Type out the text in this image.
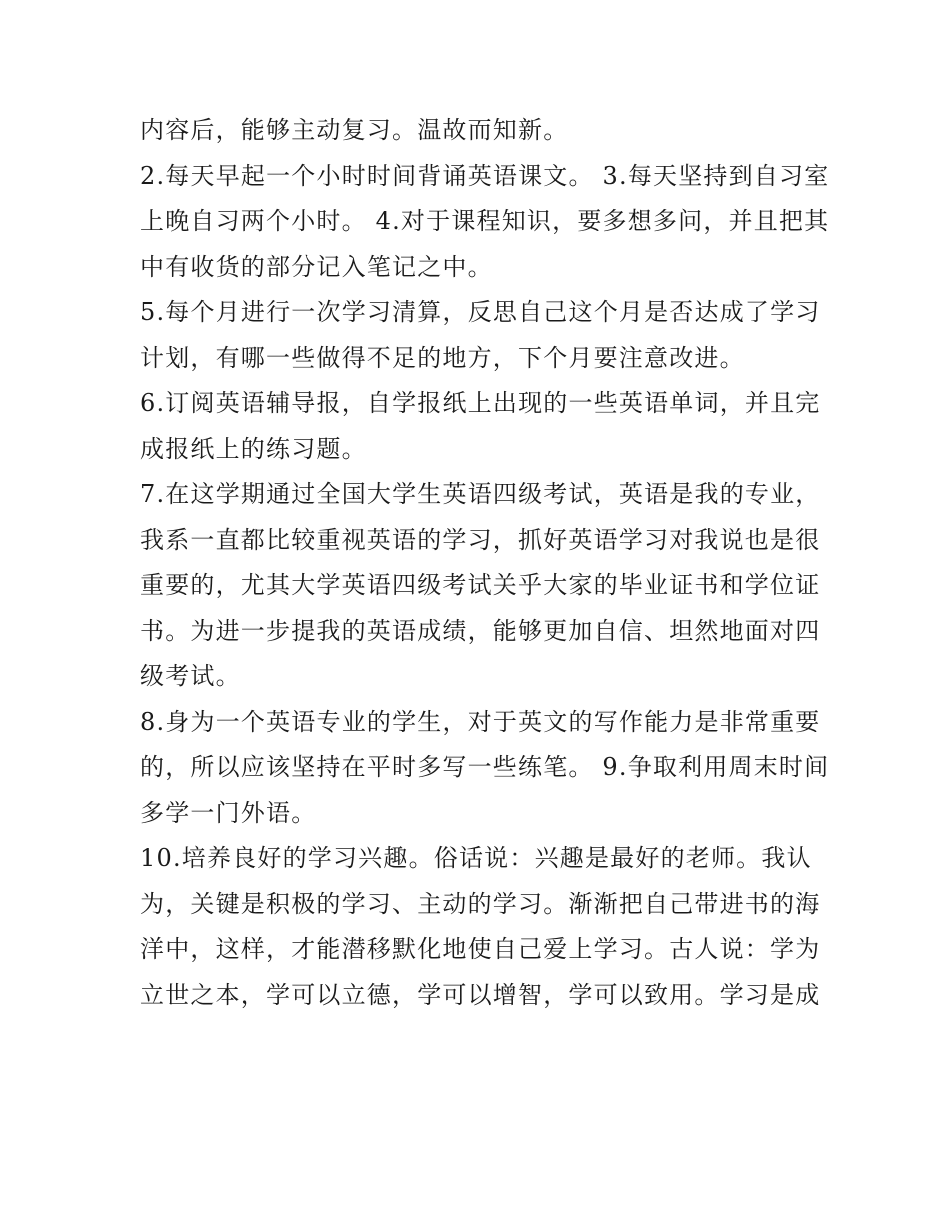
内容后，能够主动复习。温故而知新。
2.每天早起一个小时时间背诵英语课文。 3.每天坚持到自习室
上晚自习两个小时。 4.对于课程知识，要多想多问，并且把其
中有收货的部分记入笔记之中。
5.每个月进行一次学习清算，反思自己这个月是否达成了学习
计划，有哪一些做得不足的地方，下个月要注意改进。
6.订阅英语辅导报，自学报纸上出现的一些英语单词，并且完
成报纸上的练习题。
7.在这学期通过全国大学生英语四级考试，英语是我的专业，
我系一直都比较重视英语的学习，抓好英语学习对我说也是很
重要的，尤其大学英语四级考试关乎大家的毕业证书和学位证
书。为进一步提我的英语成绩，能够更加自信、坦然地面对四
级考试。
8.身为一个英语专业的学生，对于英文的写作能力是非常重要
的，所以应该坚持在平时多写一些练笔。 9.争取利用周末时间
多学一门外语。
10.培养良好的学习兴趣。俗话说：兴趣是最好的老师。我认
为，关键是积极的学习、主动的学习。渐渐把自己带进书的海
洋中，这样，才能潜移默化地使自己爱上学习。古人说：学为
立世之本，学可以立德，学可以增智，学可以致用。学习是成
